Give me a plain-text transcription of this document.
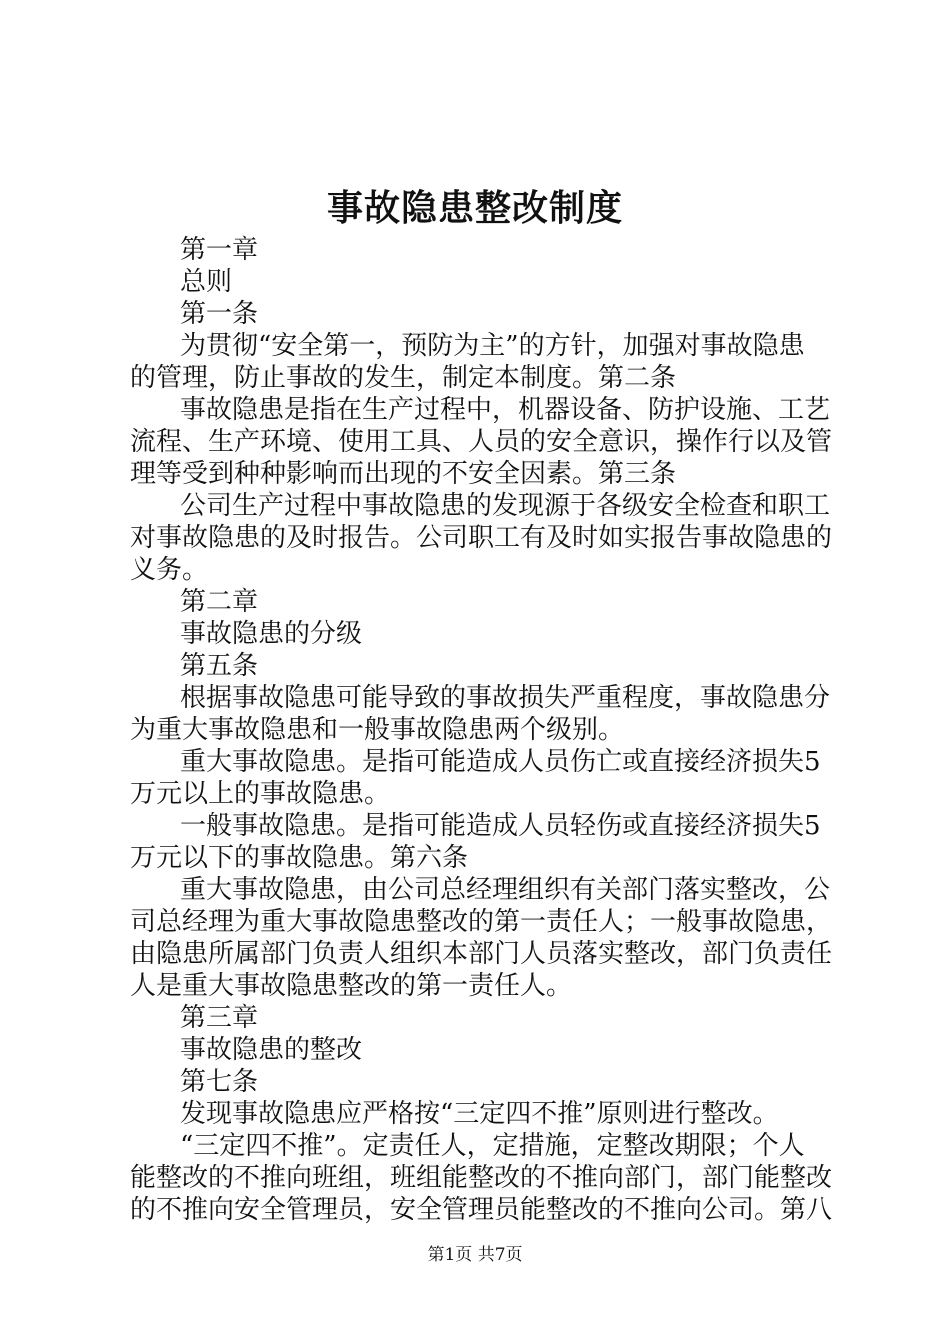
事故隐患整改制度
第一章
总则
第一条
为贯彻“安全第一，预防为主”的方针，加强对事故隐患
的管理，防止事故的发生，制定本制度。第二条
事故隐患是指在生产过程中，机器设备、防护设施、工艺
流程、生产环境、使用工具、人员的安全意识，操作行以及管
理等受到种种影响而出现的不安全因素。第三条
公司生产过程中事故隐患的发现源于各级安全检查和职工
对事故隐患的及时报告。公司职工有及时如实报告事故隐患的
义务。
第二章
事故隐患的分级
第五条
根据事故隐患可能导致的事故损失严重程度，事故隐患分
为重大事故隐患和一般事故隐患两个级别。
重大事故隐患。是指可能造成人员伤亡或直接经济损失5
万元以上的事故隐患。
一般事故隐患。是指可能造成人员轻伤或直接经济损失5
万元以下的事故隐患。第六条
重大事故隐患，由公司总经理组织有关部门落实整改，公
司总经理为重大事故隐患整改的第一责任人；一般事故隐患，
由隐患所属部门负责人组织本部门人员落实整改，部门负责任
人是重大事故隐患整改的第一责任人。
第三章
事故隐患的整改
第七条
发现事故隐患应严格按“三定四不推”原则进行整改。
“三定四不推”。定责任人，定措施，定整改期限；个人
能整改的不推向班组，班组能整改的不推向部门，部门能整改
的不推向安全管理员，安全管理员能整改的不推向公司。第八
第1页 共7页
